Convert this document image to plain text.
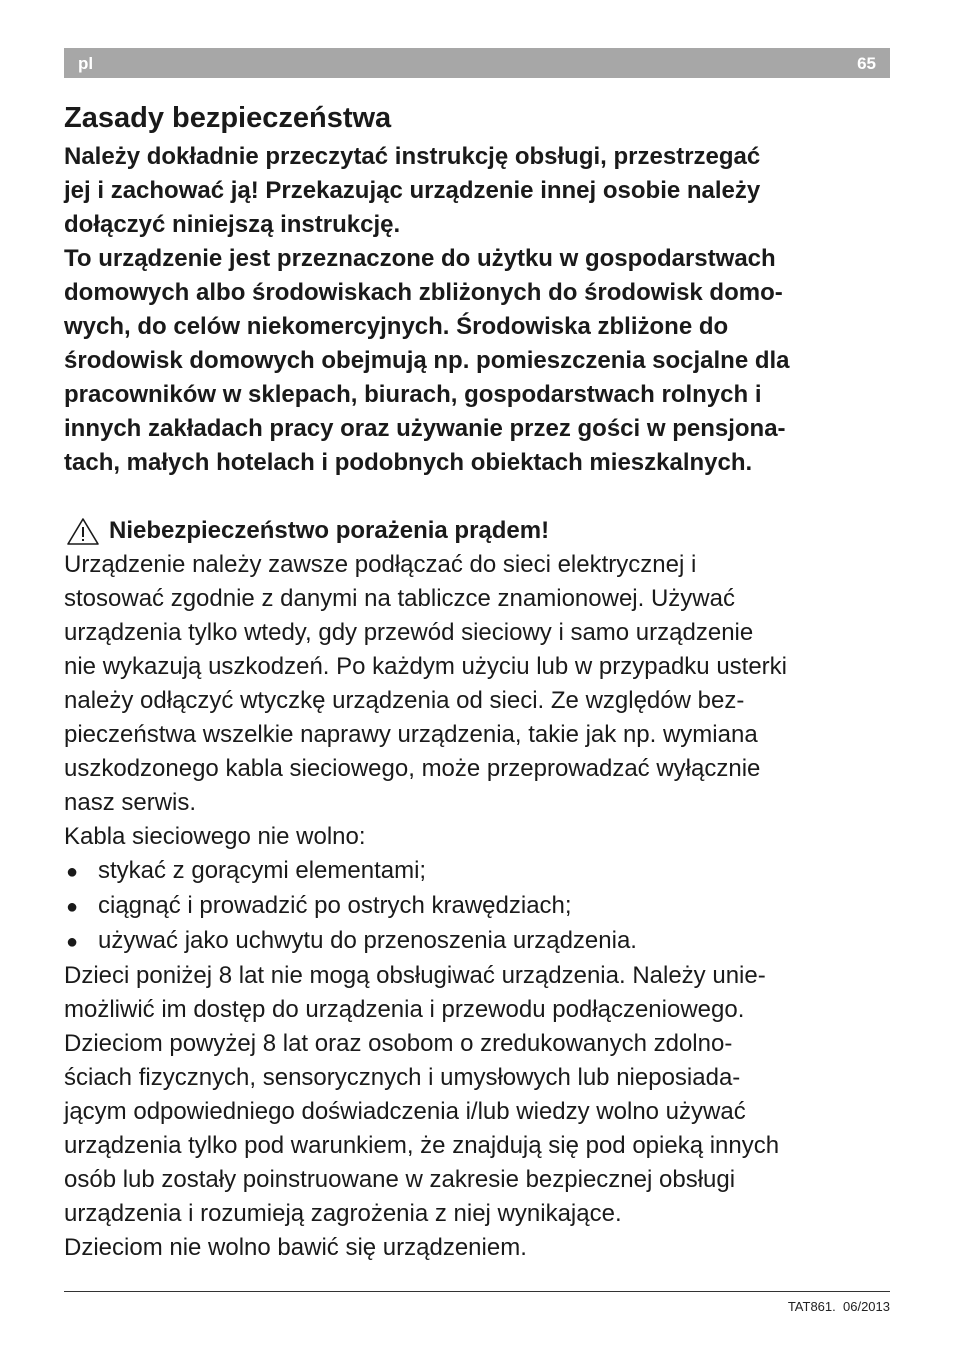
pl	65
Zasady bezpieczeństwa
Należy dokładnie przeczytać instrukcję obsługi, przestrzegać
jej i zachować ją! Przekazując urządzenie innej osobie należy
dołączyć niniejszą instrukcję.
To urządzenie jest przeznaczone do użytku w gospodarstwach
domowych albo środowiskach zbliżonych do środowisk domo-
wych, do celów niekomercyjnych. Środowiska zbliżone do
środowisk domowych obejmują np. pomieszczenia socjalne dla
pracowników w sklepach, biurach, gospodarstwach rolnych i
innych zakładach pracy oraz używanie przez gości w pensjona-
tach, małych hotelach i podobnych obiektach mieszkalnych.
Niebezpieczeństwo porażenia prądem!
Urządzenie należy zawsze podłączać do sieci elektrycznej i
stosować zgodnie z danymi na tabliczce znamionowej. Używać
urządzenia tylko wtedy, gdy przewód sieciowy i samo urządzenie
nie wykazują uszkodzeń. Po każdym użyciu lub w przypadku usterki
należy odłączyć wtyczkę urządzenia od sieci. Ze względów bez-
pieczeństwa wszelkie naprawy urządzenia, takie jak np. wymiana
uszkodzonego kabla sieciowego, może przeprowadzać wyłącznie
nasz serwis.
Kabla sieciowego nie wolno:
● stykać z gorącymi elementami;
● ciągnąć i prowadzić po ostrych krawędziach;
● używać jako uchwytu do przenoszenia urządzenia.
Dzieci poniżej 8 lat nie mogą obsługiwać urządzenia. Należy unie-
możliwić im dostęp do urządzenia i przewodu podłączeniowego.
Dzieciom powyżej 8 lat oraz osobom o zredukowanych zdolno-
ściach fizycznych, sensorycznych i umysłowych lub nieposiada-
jącym odpowiedniego doświadczenia i/lub wiedzy wolno używać
urządzenia tylko pod warunkiem, że znajdują się pod opieką innych
osób lub zostały poinstruowane w zakresie bezpiecznej obsługi
urządzenia i rozumieją zagrożenia z niej wynikające.
Dzieciom nie wolno bawić się urządzeniem.
TAT861. 06/2013
